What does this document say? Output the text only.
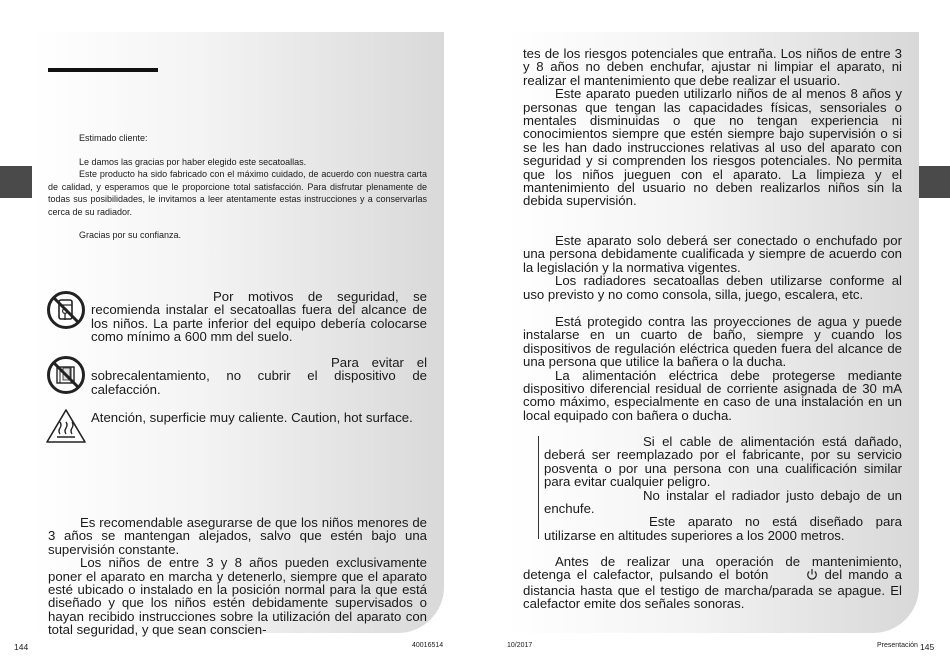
Estimado cliente:

Le damos las gracias por haber elegido este secatoallas.

Este producto ha sido fabricado con el máximo cuidado, de acuerdo con nuestra carta de calidad, y esperamos que le proporcione total satisfacción. Para disfrutar plenamente de todas sus posibilidades, le invitamos a leer atentamente estas instrucciones y a conservarlas cerca de su radiador.

Gracias por su confianza.

Por motivos de seguridad, se recomienda instalar el secatoallas fuera del alcance de los niños. La parte inferior del equipo debería colocarse como mínimo a 600 mm del suelo.
Para evitar el sobrecalentamiento, no cubrir el dispositivo de calefacción.
Atención, superficie muy caliente. Caution, hot surface.

Es recomendable asegurarse de que los niños menores de 3 años se mantengan alejados, salvo que estén bajo una supervisión constante.

Los niños de entre 3 y 8 años pueden exclusivamente poner el aparato en marcha y detenerlo, siempre que el aparato esté ubicado o instalado en la posición normal para la que está diseñado y que los niños estén debidamente supervisados o hayan recibido instrucciones sobre la utilización del aparato con total seguridad, y que sean conscien-

tes de los riesgos potenciales que entraña. Los niños de entre 3 y 8 años no deben enchufar, ajustar ni limpiar el aparato, ni realizar el mantenimiento que debe realizar el usuario.

Este aparato pueden utilizarlo niños de al menos 8 años y personas que tengan las capacidades físicas, sensoriales o mentales disminuidas o que no tengan experiencia ni conocimientos siempre que estén siempre bajo supervisión o si se les han dado instrucciones relativas al uso del aparato con seguridad y si comprenden los riesgos potenciales. No permita que los niños jueguen con el aparato. La limpieza y el mantenimiento del usuario no deben realizarlos niños sin la debida supervisión.

Este aparato solo deberá ser conectado o enchufado por una persona debidamente cualificada y siempre de acuerdo con la legislación y la normativa vigentes.

Los radiadores secatoallas deben utilizarse conforme al uso previsto y no como consola, silla, juego, escalera, etc.

Está protegido contra las proyecciones de agua y puede instalarse en un cuarto de baño, siempre y cuando los dispositivos de regulación eléctrica queden fuera del alcance de una persona que utilice la bañera o la ducha.

La alimentación eléctrica debe protegerse mediante dispositivo diferencial residual de corriente asignada de 30 mA como máximo, especialmente en caso de una instalación en un local equipado con bañera o ducha.

Si el cable de alimentación está dañado, deberá ser reemplazado por el fabricante, por su servicio posventa o por una persona con una cualificación similar para evitar cualquier peligro.

No instalar el radiador justo debajo de un enchufe.

Este aparato no está diseñado para utilizarse en altitudes superiores a los 2000 metros.

Antes de realizar una operación de mantenimiento, detenga el calefactor, pulsando el botón	del mando a distancia hasta que el testigo de marcha/parada se apague. El calefactor emite dos señales sonoras.

144	40016514	10/2017	Presentación 145
